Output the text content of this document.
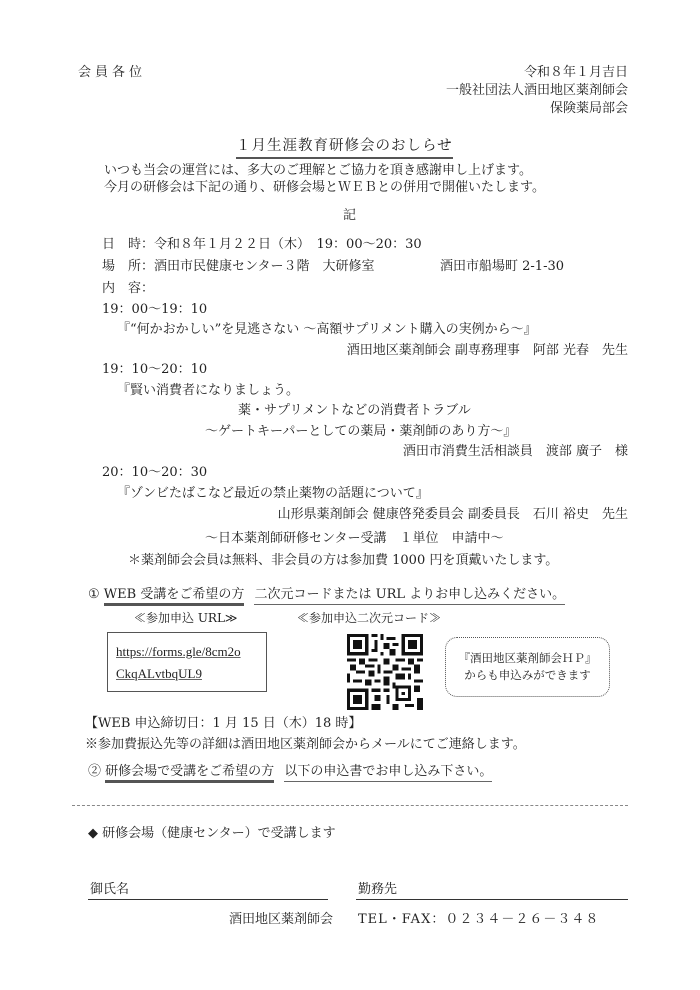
会員各位	令和８年１月吉日
一般社団法人酒田地区薬剤師会
保険薬局部会
１月生涯教育研修会のおしらせ
いつも当会の運営には、多大のご理解とご協力を頂き感謝申し上げます。
今月の研修会は下記の通り、研修会場とＷＥＢとの併用で開催いたします。
記
日　時：令和８年１月２２日（木）　19：00〜20：30
場　所：酒田市民健康センター３階　大研修室	酒田市船場町 2-1-30
内　容：
19：00〜19：10
『“何かおかしい”を見逃さない ～高額サプリメント購入の実例から～』
酒田地区薬剤師会 副専務理事　阿部 光春　先生
19：10〜20：10
『賢い消費者になりましょう。
薬・サプリメントなどの消費者トラブル
～ゲートキーパーとしての薬局・薬剤師のあり方～』
酒田市消費生活相談員　渡部 廣子　様
20：10〜20：30
『ゾンビたばこなど最近の禁止薬物の話題について』
山形県薬剤師会 健康啓発委員会 副委員長　石川 裕史　先生
～日本薬剤師研修センター受講　１単位　申請中～
＊薬剤師会会員は無料、非会員の方は参加費 1000 円を頂戴いたします。
① WEB 受講をご希望の方 二次元コードまたは URL よりお申し込みください。
≪参加申込 URL≫	≪参加申込二次元コード≫
https://forms.gle/8cm2o
CkqALvtbqUL9
『酒田地区薬剤師会ＨＰ』
からも申込みができます
【WEB 申込締切日：1 月 15 日（木）18 時】
※参加費振込先等の詳細は酒田地区薬剤師会からメールにてご連絡します。
② 研修会場で受講をご希望の方 以下の申込書でお申し込み下さい。
◆ 研修会場（健康センター）で受講します
御氏名	勤務先
酒田地区薬剤師会 TEL・FAX：０２３４－２６－３４８
